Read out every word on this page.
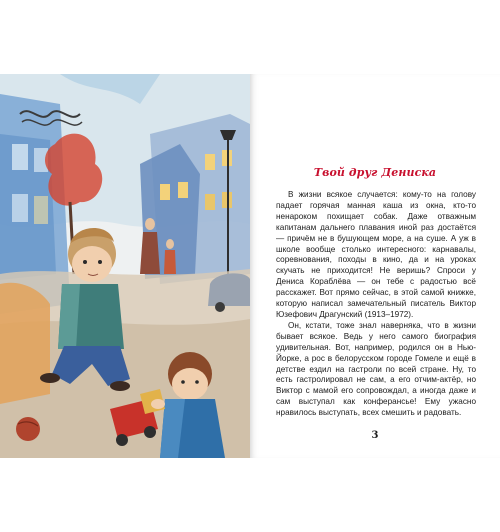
Твой друг Дениска

В жизни всякое случается: кому-то на голову падает горячая манная каша из окна, кто-то ненароком похищает собак. Даже отважным капитанам дальнего плавания иной раз достаётся — причём не в бушующем море, а на суше. А уж в школе вообще столько интересного: карнавалы, соревнования, походы в кино, да и на уроках скучать не приходится! Не веришь? Спроси у Дениса Кораблёва — он тебе с радостью всё расскажет. Вот прямо сейчас, в этой самой книжке, которую написал замечательный писатель Виктор Юзефович Драгунский (1913–1972).

Он, кстати, тоже знал наверняка, что в жизни бывает всякое. Ведь у него самого биография удивительная. Вот, например, родился он в Нью-Йорке, а рос в белорусском городе Гомеле и ещё в детстве ездил на гастроли по всей стране. Ну, то есть гастролировал не сам, а его отчим-актёр, но Виктор с мамой его сопровождал, а иногда даже и сам выступал как конферансье! Ему ужасно нравилось выступать, всех смешить и радовать.

3
